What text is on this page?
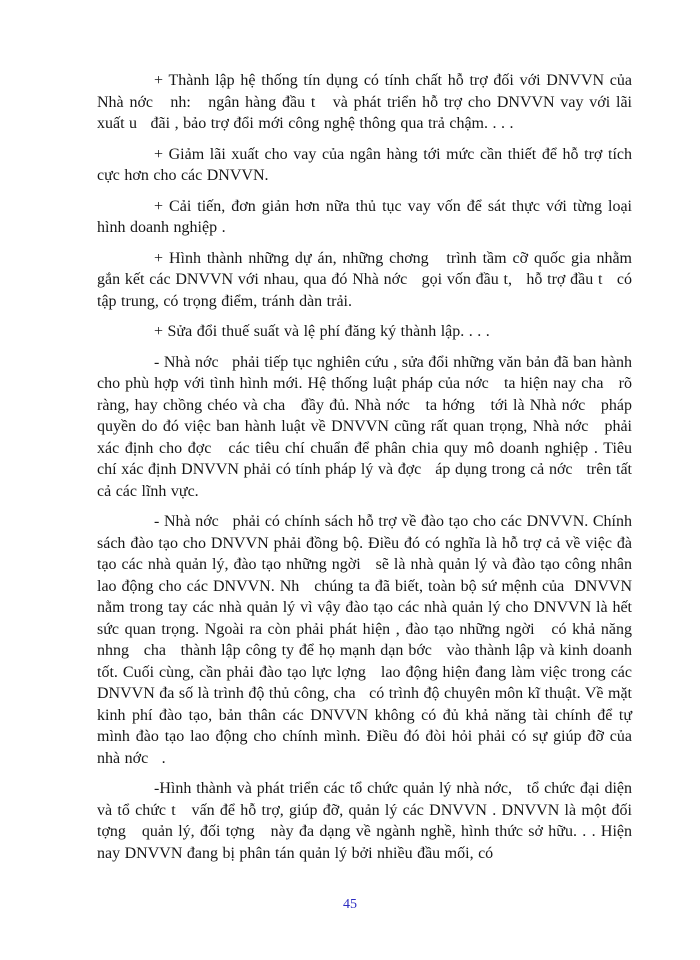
+ Thành lập hệ thống tín dụng có tính chất hỗ trợ đối với DNVVN của Nhà nớc   nh:   ngân hàng đầu t   và phát triển hỗ trợ cho DNVVN vay với lãi xuất u   đãi , bảo trợ đổi mới công nghệ thông qua trả chậm. . . .

+ Giảm lãi xuất cho vay của ngân hàng tới mức cần thiết để hỗ trợ tích cực hơn cho các DNVVN.

+ Cải tiến, đơn giản hơn nữa thủ tục vay vốn để sát thực với từng loại hình doanh nghiệp .

+ Hình thành những dự án, những chơng   trình tầm cỡ quốc gia nhằm gắn kết các DNVVN với nhau, qua đó Nhà nớc   gọi vốn đầu t,   hỗ trợ đầu t   có tập trung, có trọng điểm, tránh dàn trải.

+ Sửa đổi thuế suất và lệ phí đăng ký thành lập. . . .

- Nhà nớc   phải tiếp tục nghiên cứu , sửa đổi những văn bản đã ban hành cho phù hợp với tình hình mới. Hệ thống luật pháp của nớc   ta hiện nay cha   rõ ràng, hay chồng chéo và cha   đầy đủ. Nhà nớc   ta hớng   tới là Nhà nớc   pháp quyền do đó việc ban hành luật về DNVVN cũng rất quan trọng, Nhà nớc   phải xác định cho đợc   các tiêu chí chuẩn để phân chia quy mô doanh nghiệp . Tiêu chí xác định DNVVN phải có tính pháp lý và đợc   áp dụng trong cả nớc   trên tất cả các lĩnh vực.

- Nhà nớc   phải có chính sách hỗ trợ về đào tạo cho các DNVVN. Chính sách đào tạo cho DNVVN phải đồng bộ. Điều đó có nghĩa là hỗ trợ cả về việc đà tạo các nhà quản lý, đào tạo những ngời   sẽ là nhà quản lý và đào tạo công nhân lao động cho các DNVVN. Nh   chúng ta đã biết, toàn bộ sứ mệnh của  DNVVN  nằm trong tay các nhà quản lý vì vậy đào tạo các nhà quản lý cho DNVVN là hết sức quan trọng. Ngoài ra còn phải phát hiện , đào tạo những ngời   có khả năng nhng   cha   thành lập công ty để họ mạnh dạn bớc   vào thành lập và kinh doanh tốt. Cuối cùng, cần phải đào tạo lực lợng   lao động hiện đang làm việc trong các DNVVN đa số là trình độ thủ công, cha   có trình độ chuyên môn kĩ thuật. Về mặt kinh phí đào tạo, bản thân các DNVVN không có đủ khả năng tài chính để tự mình đào tạo lao động cho chính mình. Điều đó đòi hỏi phải có sự giúp đỡ của   nhà nớc   .

-Hình thành và phát triển các tổ chức quản lý nhà nớc,   tổ chức đại diện và tổ chức t   vấn để hỗ trợ, giúp đỡ, quản lý các DNVVN . DNVVN là một đối tợng   quản lý, đối tợng   này đa dạng về ngành nghề, hình thức sở hữu. . . Hiện nay DNVVN đang bị phân tán quản lý bởi nhiều đầu mối, có

45
